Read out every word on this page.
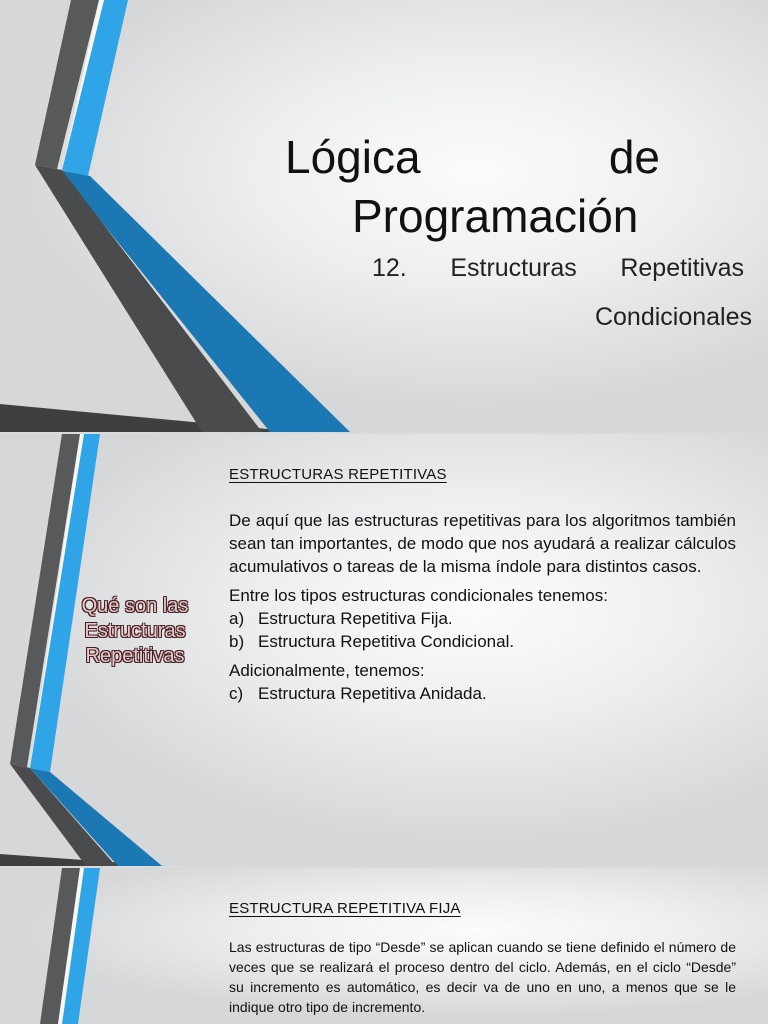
Lógica	de
Programación
12. Estructuras Repetitivas
Condicionales
Qué son las
Estructuras
Repetitivas
ESTRUCTURAS REPETITIVAS

De aquí que las estructuras repetitivas para los algoritmos también sean tan importantes, de modo que nos ayudará a realizar cálculos acumulativos o tareas de la misma índole para distintos casos.

Entre los tipos estructuras condicionales tenemos:
a) Estructura Repetitiva Fija.
b) Estructura Repetitiva Condicional.
Adicionalmente, tenemos:
c) Estructura Repetitiva Anidada.
ESTRUCTURA REPETITIVA FIJA
Las estructuras de tipo “Desde” se aplican cuando se tiene definido el número de veces que se realizará el proceso dentro del ciclo. Además, en el ciclo “Desde” su incremento es automático, es decir va de uno en uno, a menos que se le indique otro tipo de incremento.
